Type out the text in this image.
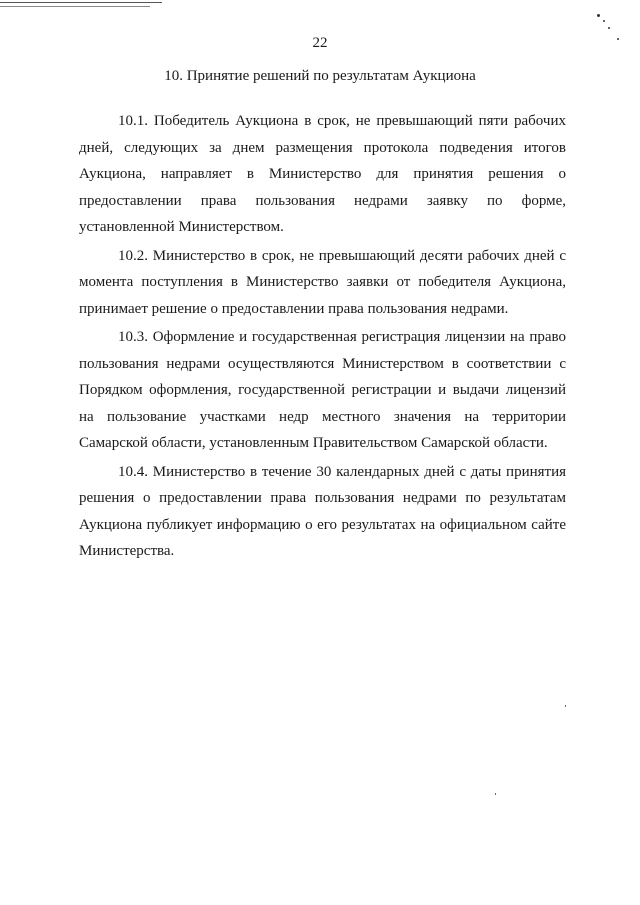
22
10. Принятие решений по результатам Аукциона

10.1. Победитель Аукциона в срок, не превышающий пяти рабочих дней, следующих за днем размещения протокола подведения итогов Аукциона, направляет в Министерство для принятия решения о предоставлении права пользования недрами заявку по форме, установленной Министерством.

10.2. Министерство в срок, не превышающий десяти рабочих дней с момента поступления в Министерство заявки от победителя Аукциона, принимает решение о предоставлении права пользования недрами.

10.3. Оформление и государственная регистрация лицензии на право пользования недрами осуществляются Министерством в соответствии с Порядком оформления, государственной регистрации и выдачи лицензий на пользование участками недр местного значения на территории Самарской области, установленным Правительством Самарской области.

10.4. Министерство в течение 30 календарных дней с даты принятия решения о предоставлении права пользования недрами по результатам Аукциона публикует информацию о его результатах на официальном сайте Министерства.
